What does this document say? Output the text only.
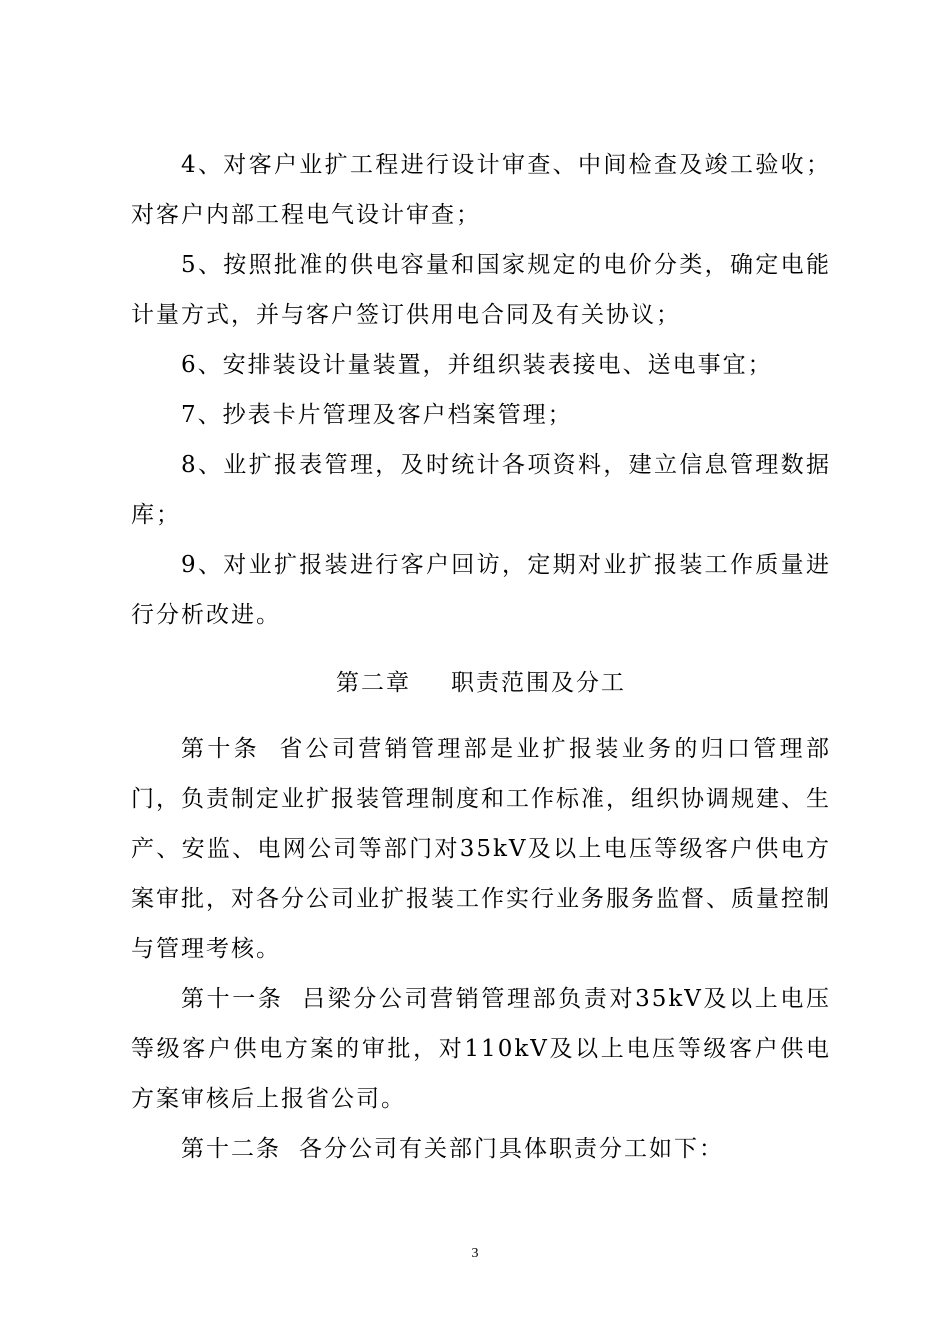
4、对客户业扩工程进行设计审查、中间检查及竣工验收；对客户内部工程电气设计审查；

5、按照批准的供电容量和国家规定的电价分类，确定电能计量方式，并与客户签订供用电合同及有关协议；

6、安排装设计量装置，并组织装表接电、送电事宜；

7、抄表卡片管理及客户档案管理；

8、业扩报表管理，及时统计各项资料，建立信息管理数据库；

9、对业扩报装进行客户回访，定期对业扩报装工作质量进行分析改进。

第二章 职责范围及分工

第十条 省公司营销管理部是业扩报装业务的归口管理部门，负责制定业扩报装管理制度和工作标准，组织协调规建、生产、安监、电网公司等部门对35kV及以上电压等级客户供电方案审批，对各分公司业扩报装工作实行业务服务监督、质量控制与管理考核。

第十一条 吕梁分公司营销管理部负责对35kV及以上电压等级客户供电方案的审批，对110kV及以上电压等级客户供电方案审核后上报省公司。

第十二条 各分公司有关部门具体职责分工如下：

3
